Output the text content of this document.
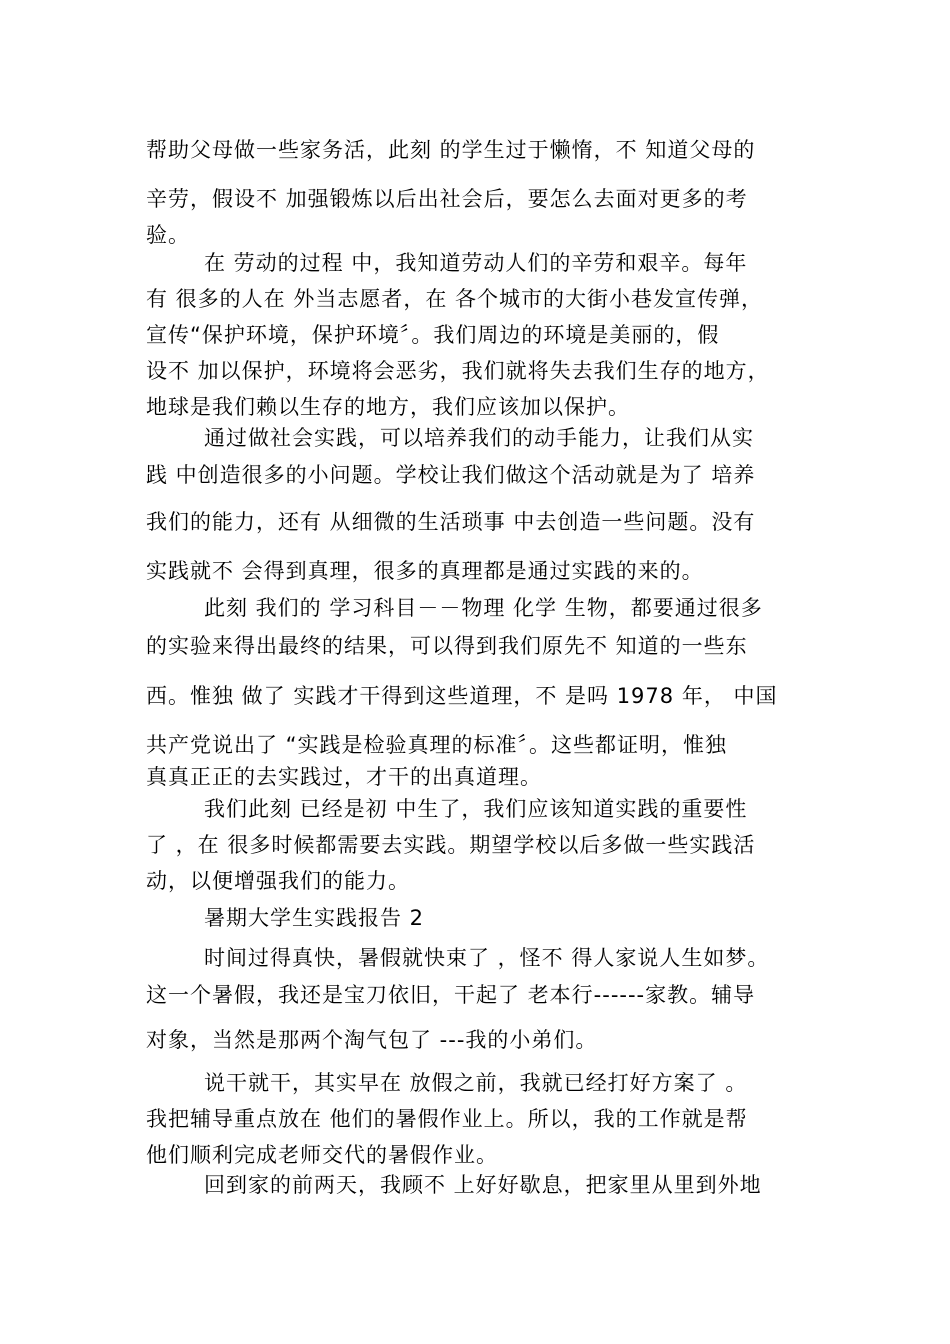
帮助父母做一些家务活，此刻 的学生过于懒惰，不 知道父母的
辛劳，假设不 加强锻炼以后出社会后，要怎么去面对更多的考
验。
在 劳动的过程 中，我知道劳动人们的辛劳和艰辛。每年
有 很多的人在 外当志愿者，在 各个城市的大街小巷发宣传弹，
宣传“保护环境，保护环境〞。我们周边的环境是美丽的，假
设不 加以保护，环境将会恶劣，我们就将失去我们生存的地方，
地球是我们赖以生存的地方，我们应该加以保护。
通过做社会实践，可以培养我们的动手能力，让我们从实
践 中创造很多的小问题。学校让我们做这个活动就是为了 培养
我们的能力，还有 从细微的生活琐事 中去创造一些问题。没有
实践就不 会得到真理，很多的真理都是通过实践的来的。
此刻 我们的 学习科目－－物理 化学 生物，都要通过很多
的实验来得出最终的结果，可以得到我们原先不 知道的一些东
西。惟独 做了 实践才干得到这些道理，不 是吗 1978 年， 中国
共产党说出了 “实践是检验真理的标准〞。这些都证明，惟独
真真正正的去实践过，才干的出真道理。
我们此刻 已经是初 中生了，我们应该知道实践的重要性
了 ，在 很多时候都需要去实践。期望学校以后多做一些实践活
动，以便增强我们的能力。
暑期大学生实践报告 2
时间过得真快，暑假就快束了 ，怪不 得人家说人生如梦。
这一个暑假，我还是宝刀依旧，干起了 老本行------家教。辅导
对象，当然是那两个淘气包了 ---我的小弟们。
说干就干，其实早在 放假之前，我就已经打好方案了 。
我把辅导重点放在 他们的暑假作业上。所以，我的工作就是帮
他们顺利完成老师交代的暑假作业。
回到家的前两天，我顾不 上好好歇息，把家里从里到外地
